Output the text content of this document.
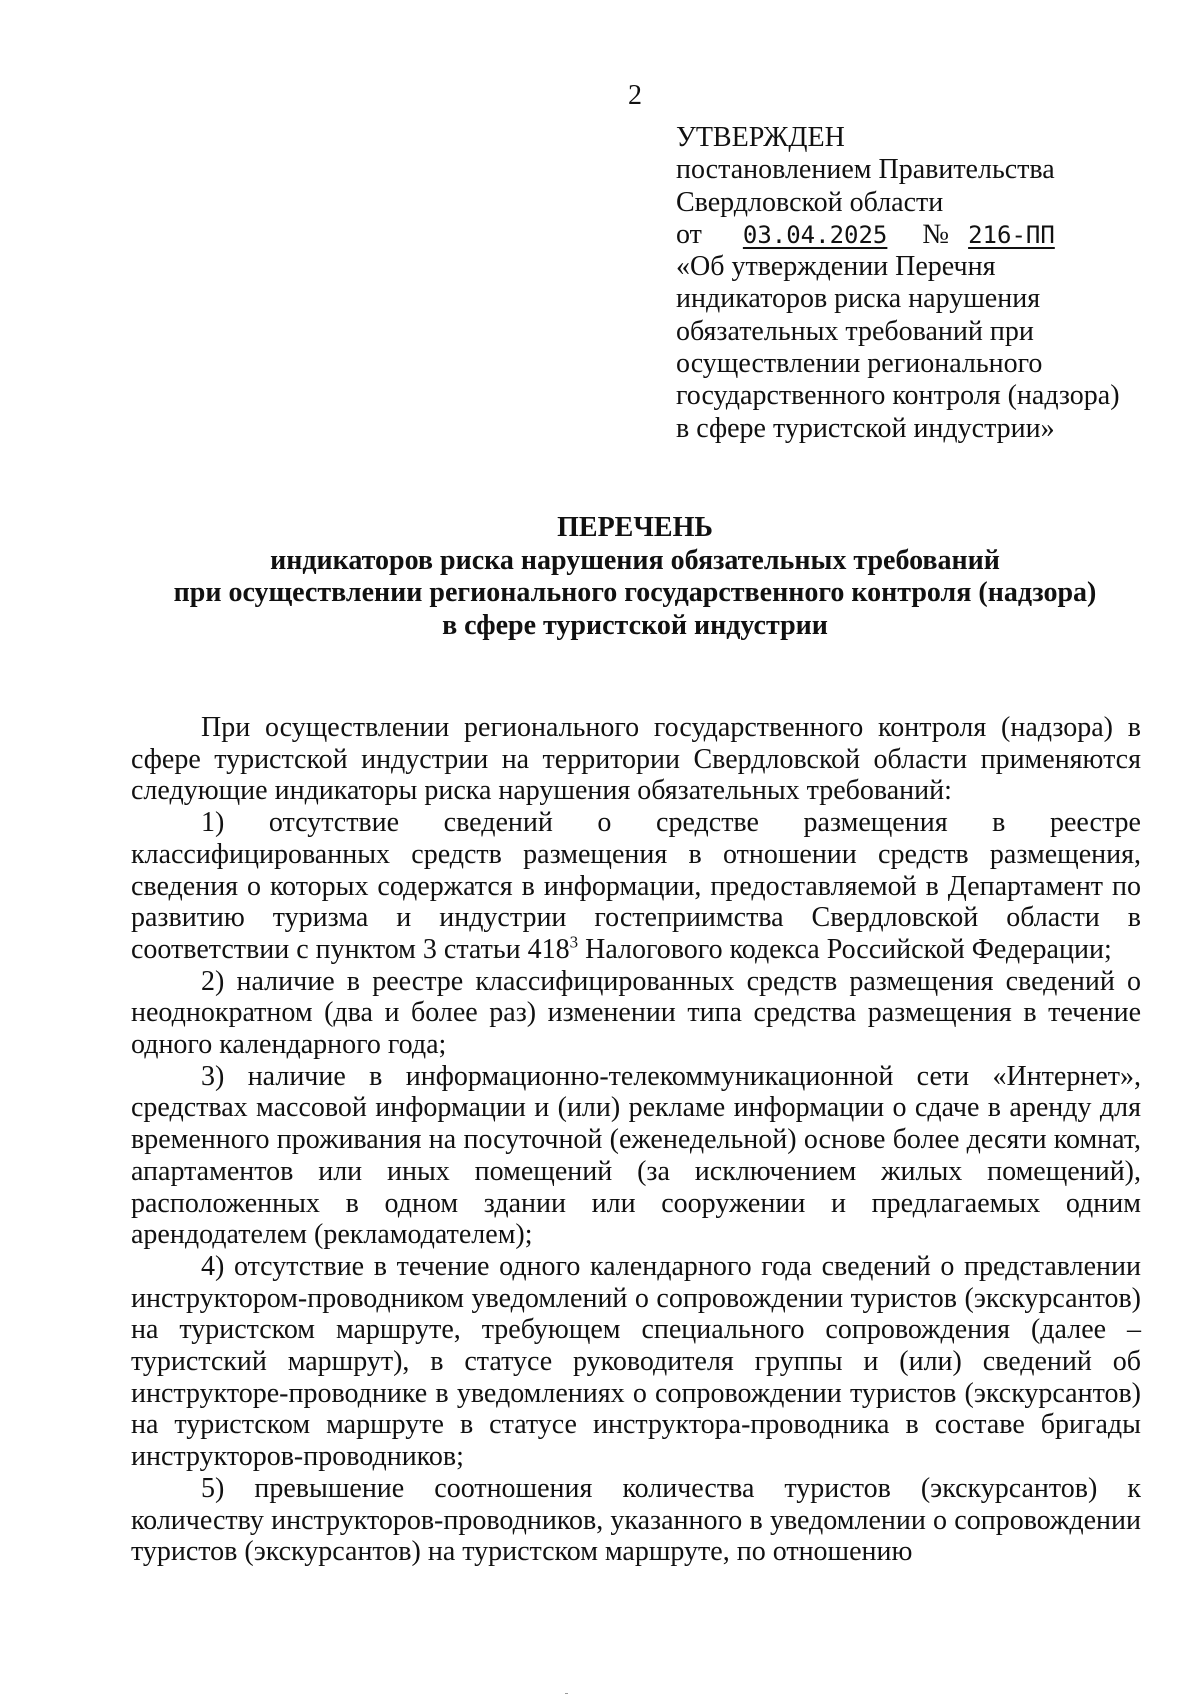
2
УТВЕРЖДЕН
постановлением Правительства
Свердловской области
от 03.04.2025 № 216-ПП
«Об утверждении Перечня
индикаторов риска нарушения
обязательных требований при
осуществлении регионального
государственного контроля (надзора)
в сфере туристской индустрии»
ПЕРЕЧЕНЬ
индикаторов риска нарушения обязательных требований
при осуществлении регионального государственного контроля (надзора)
в сфере туристской индустрии

При осуществлении регионального государственного контроля (надзора) в сфере туристской индустрии на территории Свердловской области применяются следующие индикаторы риска нарушения обязательных требований:

1) отсутствие сведений о средстве размещения в реестре классифицированных средств размещения в отношении средств размещения, сведения о которых содержатся в информации, предоставляемой в Департамент по развитию туризма и индустрии гостеприимства Свердловской области в соответствии с пунктом 3 статьи $418^3$ Налогового кодекса Российской Федерации;

2) наличие в реестре классифицированных средств размещения сведений о неоднократном (два и более раз) изменении типа средства размещения в течение одного календарного года;

3) наличие в информационно-телекоммуникационной сети «Интернет», средствах массовой информации и (или) рекламе информации о сдаче в аренду для временного проживания на посуточной (еженедельной) основе более десяти комнат, апартаментов или иных помещений (за исключением жилых помещений), расположенных в одном здании или сооружении и предлагаемых одним арендодателем (рекламодателем);

4) отсутствие в течение одного календарного года сведений о представлении инструктором-проводником уведомлений о сопровождении туристов (экскурсантов) на туристском маршруте, требующем специального сопровождения (далее – туристский маршрут), в статусе руководителя группы и (или) сведений об инструкторе-проводнике в уведомлениях о сопровождении туристов (экскурсантов) на туристском маршруте в статусе инструктора-проводника в составе бригады инструкторов-проводников;

5) превышение соотношения количества туристов (экскурсантов) к количеству инструкторов-проводников, указанного в уведомлении о сопровождении туристов (экскурсантов) на туристском маршруте, по отношению
